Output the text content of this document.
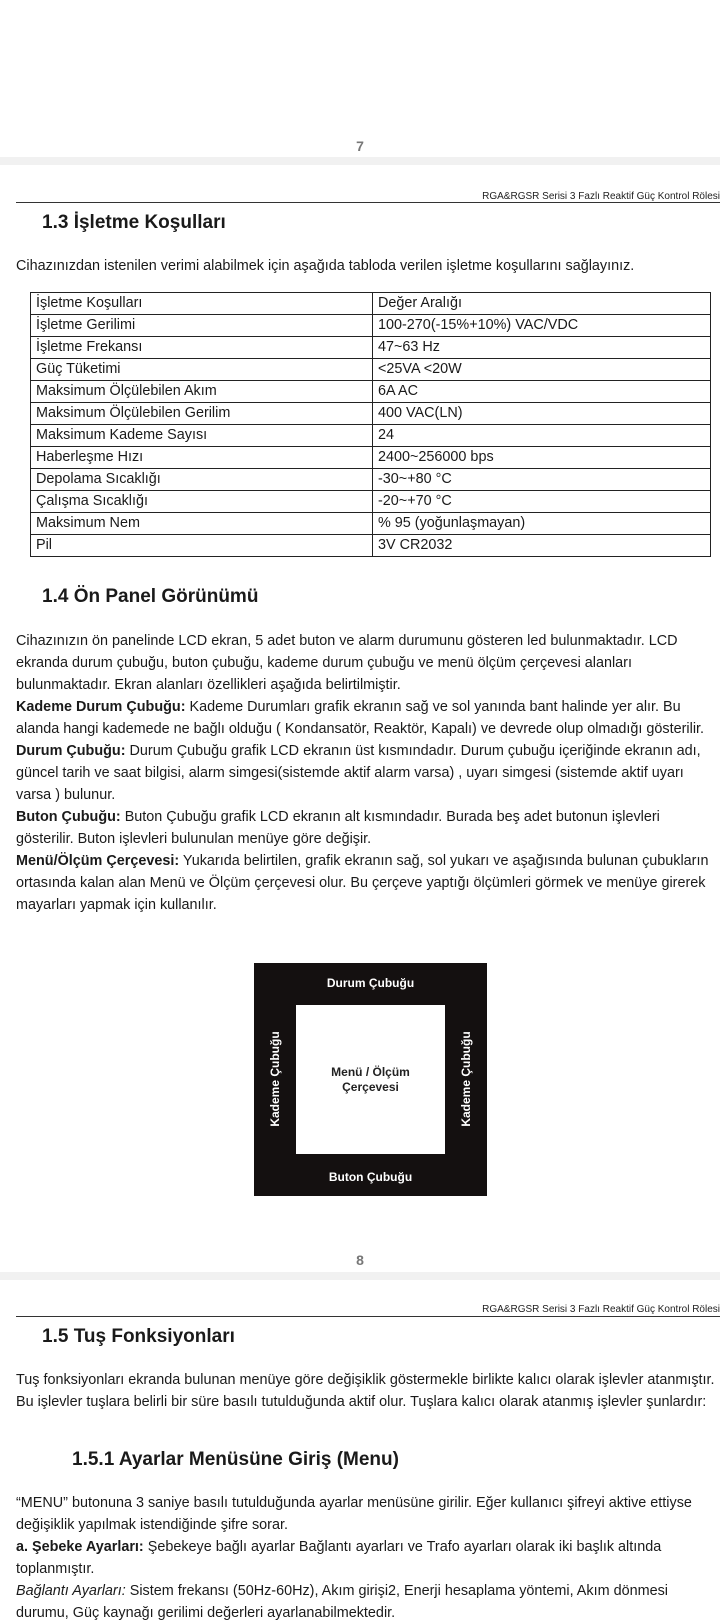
7
RGA&RGSR Serisi 3 Fazlı Reaktif Güç Kontrol Rölesi
1.3 İşletme Koşulları
Cihazınızdan istenilen verimi alabilmek için aşağıda tabloda verilen işletme koşullarını sağlayınız.
İşletme Koşulları	Değer Aralığı
İşletme Gerilimi	100-270(-15%+10%) VAC/VDC
İşletme Frekansı	47~63 Hz
Güç Tüketimi	<25VA <20W
Maksimum Ölçülebilen Akım	6A AC
Maksimum Ölçülebilen Gerilim	400 VAC(LN)
Maksimum Kademe Sayısı	24
Haberleşme Hızı	2400~256000 bps
Depolama Sıcaklığı	-30~+80 °C
Çalışma Sıcaklığı	-20~+70 °C
Maksimum Nem	% 95 (yoğunlaşmayan)
Pil	3V CR2032
1.4 Ön Panel Görünümü
Cihazınızın ön panelinde LCD ekran, 5 adet buton ve alarm durumunu gösteren led bulunmaktadır. LCD ekranda durum çubuğu, buton çubuğu, kademe durum çubuğu ve menü ölçüm çerçevesi alanları bulunmaktadır. Ekran alanları özellikleri aşağıda belirtilmiştir.
Kademe Durum Çubuğu: Kademe Durumları grafik ekranın sağ ve sol yanında bant halinde yer alır. Bu alanda hangi kademede ne bağlı olduğu ( Kondansatör, Reaktör, Kapalı) ve devrede olup olmadığı gösterilir.
Durum Çubuğu: Durum Çubuğu grafik LCD ekranın üst kısmındadır. Durum çubuğu içeriğinde ekranın adı, güncel tarih ve saat bilgisi, alarm simgesi(sistemde aktif alarm varsa) , uyarı simgesi (sistemde aktif uyarı varsa ) bulunur.
Buton Çubuğu: Buton Çubuğu grafik LCD ekranın alt kısmındadır. Burada beş adet butonun işlevleri gösterilir. Buton işlevleri bulunulan menüye göre değişir.
Menü/Ölçüm Çerçevesi: Yukarıda belirtilen, grafik ekranın sağ, sol yukarı ve aşağısında bulunan çubukların ortasında kalan alan Menü ve Ölçüm çerçevesi olur. Bu çerçeve yaptığı ölçümleri görmek ve menüye girerek mayarları yapmak için kullanılır.
Durum Çubuğu
Buton Çubuğu
Kademe Çubuğu	Kademe Çubuğu
Menü / Ölçüm
Çerçevesi
8
RGA&RGSR Serisi 3 Fazlı Reaktif Güç Kontrol Rölesi
1.5 Tuş Fonksiyonları
Tuş fonksiyonları ekranda bulunan menüye göre değişiklik göstermekle birlikte kalıcı olarak işlevler atanmıştır. Bu işlevler tuşlara belirli bir süre basılı tutulduğunda aktif olur. Tuşlara kalıcı olarak atanmış işlevler şunlardır:
1.5.1 Ayarlar Menüsüne Giriş (Menu)
“MENU” butonuna 3 saniye basılı tutulduğunda ayarlar menüsüne girilir. Eğer kullanıcı şifreyi aktive ettiyse değişiklik yapılmak istendiğinde şifre sorar.
a. Şebeke Ayarları: Şebekeye bağlı ayarlar Bağlantı ayarları ve Trafo ayarları olarak iki başlık altında toplanmıştır.
Bağlantı Ayarları: Sistem frekansı (50Hz-60Hz), Akım girişi2, Enerji hesaplama yöntemi, Akım dönmesi durumu, Güç kaynağı gerilimi değerleri ayarlanabilmektedir.
